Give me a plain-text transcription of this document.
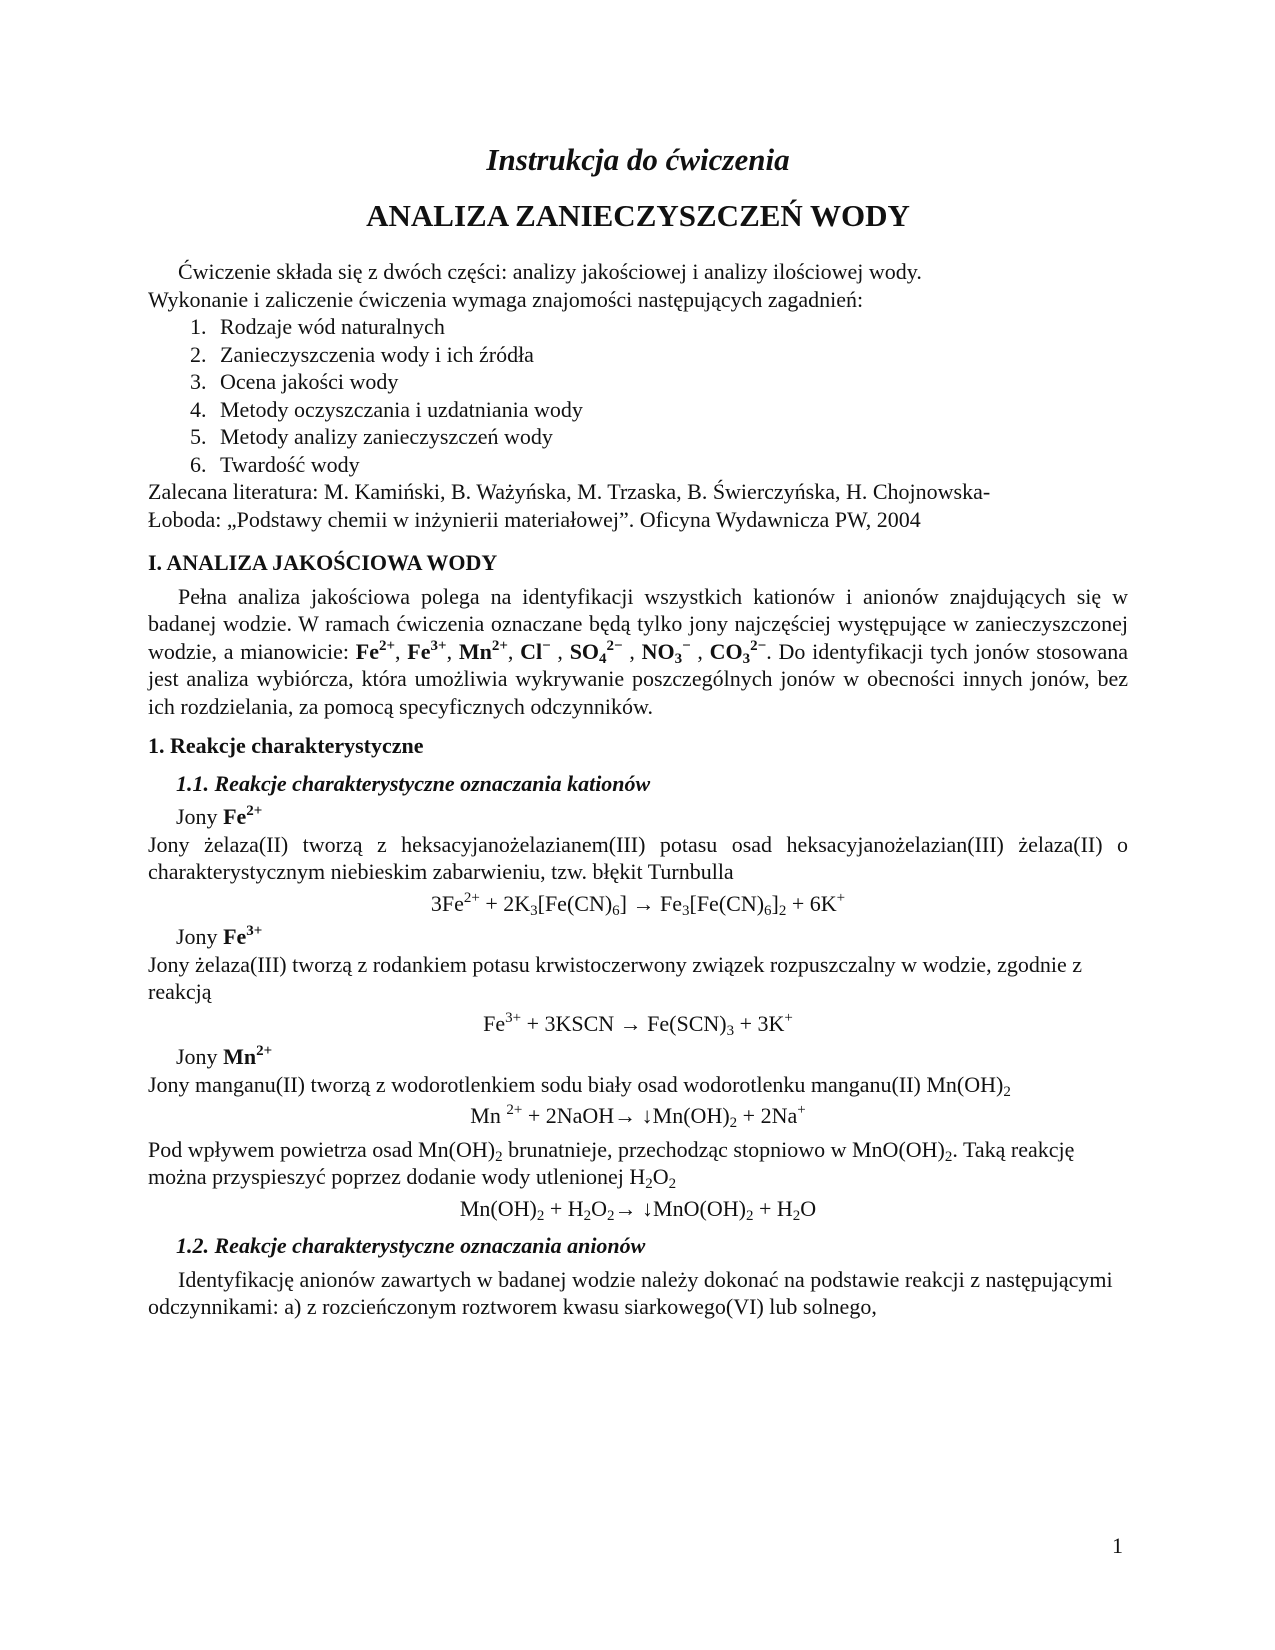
Instrukcja do ćwiczenia
ANALIZA ZANIECZYSZCZEŃ WODY

Ćwiczenie składa się z dwóch części: analizy jakościowej i analizy ilościowej wody.

Wykonanie i zaliczenie ćwiczenia wymaga znajomości następujących zagadnień:

1. Rodzaje wód naturalnych
2. Zanieczyszczenia wody i ich źródła
3. Ocena jakości wody
4. Metody oczyszczania i uzdatniania wody
5. Metody analizy zanieczyszczeń wody
6. Twardość wody

Zalecana literatura: M. Kamiński, B. Ważyńska, M. Trzaska, B. Świerczyńska, H. Chojnowska-

Łoboda: „Podstawy chemii w inżynierii materiałowej”. Oficyna Wydawnicza PW, 2004

I. ANALIZA JAKOŚCIOWA WODY

Pełna analiza jakościowa polega na identyfikacji wszystkich kationów i anionów znajdujących się w badanej wodzie. W ramach ćwiczenia oznaczane będą tylko jony najczęściej występujące w zanieczyszczonej wodzie, a mianowicie: $Fe^{2+}$, $Fe^{3+}$, $Mn^{2+}$, Cl− , $SO_4^{2-}$ , $NO_3^-$ , $CO_3^{2-}$. Do identyfikacji tych jonów stosowana jest analiza wybiórcza, która umożliwia wykrywanie poszczególnych jonów w obecności innych jonów, bez ich rozdzielania, za pomocą specyficznych odczynników.

1. Reakcje charakterystyczne
1.1. Reakcje charakterystyczne oznaczania kationów

Jony $Fe^{2+}$

Jony żelaza(II) tworzą z heksacyjanożelazianem(III) potasu osad heksacyjanożelazian(III) żelaza(II) o charakterystycznym niebieskim zabarwieniu, tzw. błękit Turnbulla

$3Fe^{2+} + 2K_3[Fe(CN)_6] \to Fe_3[Fe(CN)_6]_2 + 6K^+$

Jony $Fe^{3+}$

Jony żelaza(III) tworzą z rodankiem potasu krwistoczerwony związek rozpuszczalny w wodzie, zgodnie z reakcją

$Fe^{3+}$ + 3KSCN → $Fe(SCN)_3 + 3K^+$

Jony $Mn^{2+}$

Jony manganu(II) tworzą z wodorotlenkiem sodu biały osad wodorotlenku manganu(II) $Mn(OH)_2$

Mn $^{2+}$ + 2NaOH→ $↓Mn(OH)_2 + 2Na^+$

Pod wpływem powietrza osad $Mn(OH)_2$ brunatnieje, przechodząc stopniowo w $MnO(OH)_2$. Taką reakcję można przyspieszyć poprzez dodanie wody utlenionej $H_2O_2$

$Mn(OH)_2 + H_2O_2\to$ $↓MnO(OH)_2 + H_2O$
1.2. Reakcje charakterystyczne oznaczania anionów

Identyfikację anionów zawartych w badanej wodzie należy dokonać na podstawie reakcji z następującymi odczynnikami: a) z rozcieńczonym roztworem kwasu siarkowego(VI) lub solnego,

1
